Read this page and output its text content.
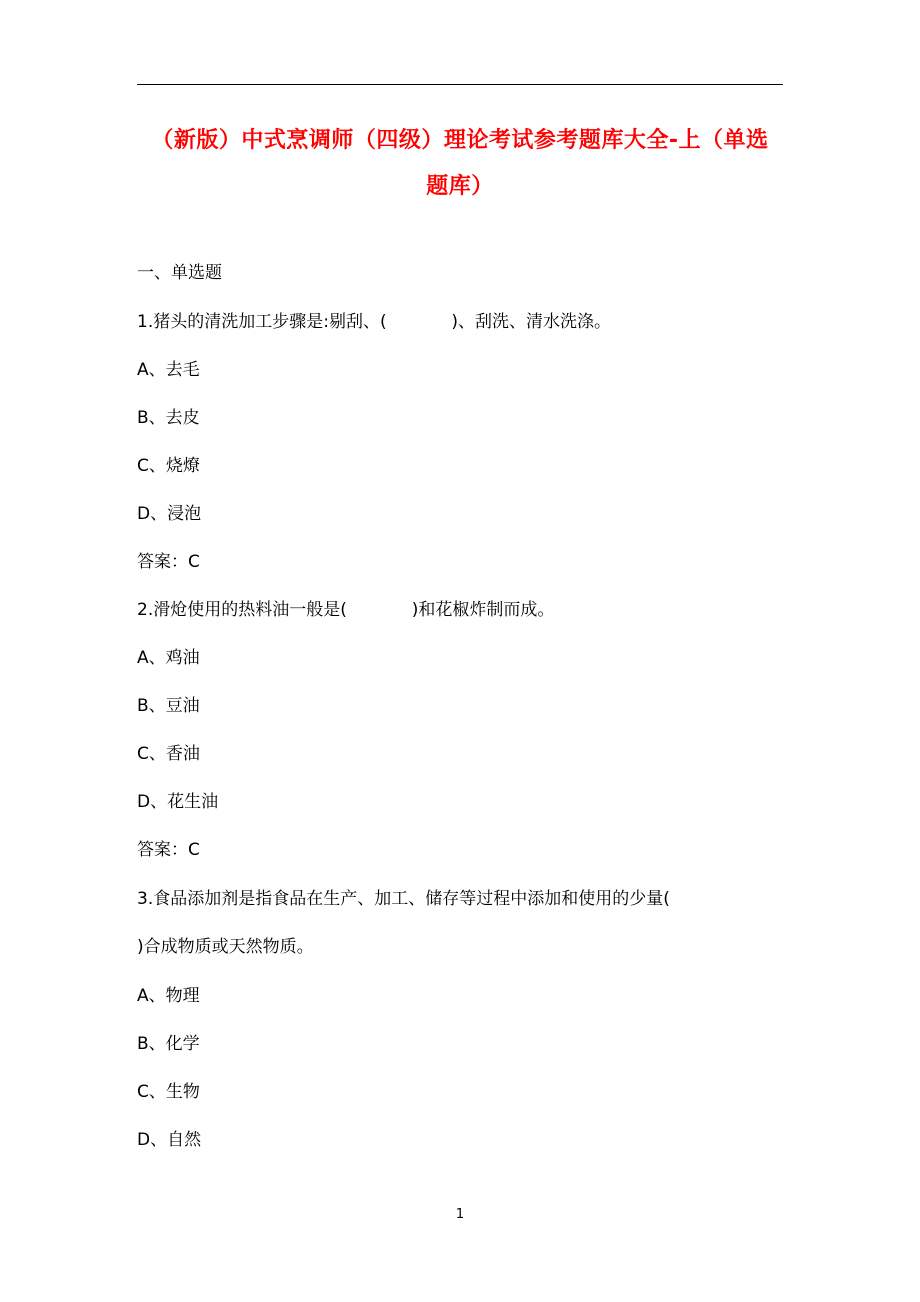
（新版）中式烹调师（四级）理论考试参考题库大全-上（单选
题库）
一、单选题
1.猪头的清洗加工步骤是:剔刮、(            )、刮洗、清水洗涤。
A、去毛
B、去皮
C、烧燎
D、浸泡
答案：C
2.滑炝使用的热料油一般是(            )和花椒炸制而成。
A、鸡油
B、豆油
C、香油
D、花生油
答案：C
3.食品添加剂是指食品在生产、加工、储存等过程中添加和使用的少量(
)合成物质或天然物质。
A、物理
B、化学
C、生物
D、自然
1
